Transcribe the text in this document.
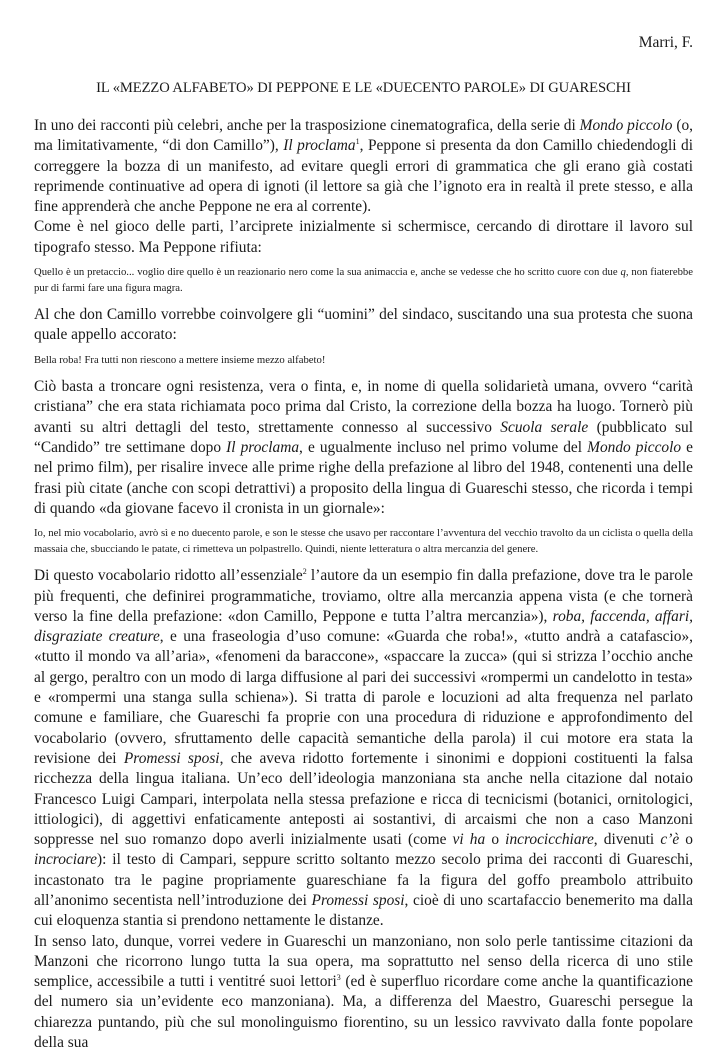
Marri, F.
IL «MEZZO ALFABETO» DI PEPPONE E LE «DUECENTO PAROLE» DI GUARESCHI

In uno dei racconti più celebri, anche per la trasposizione cinematografica, della serie di Mondo piccolo (o, ma limitativamente, “di don Camillo”), Il proclama$^1$, Peppone si presenta da don Camillo chiedendogli di correggere la bozza di un manifesto, ad evitare quegli errori di grammatica che gli erano già costati reprimende continuative ad opera di ignoti (il lettore sa già che l’ignoto era in realtà il prete stesso, e alla fine apprenderà che anche Peppone ne era al corrente).

Come è nel gioco delle parti, l’arciprete inizialmente si schermisce, cercando di dirottare il lavoro sul tipografo stesso. Ma Peppone rifiuta:

Quello è un pretaccio... voglio dire quello è un reazionario nero come la sua animaccia e, anche se vedesse che ho scritto cuore con due q, non fiaterebbe pur di farmi fare una figura magra.

Al che don Camillo vorrebbe coinvolgere gli “uomini” del sindaco, suscitando una sua protesta che suona quale appello accorato:

Bella roba! Fra tutti non riescono a mettere insieme mezzo alfabeto!

Ciò basta a troncare ogni resistenza, vera o finta, e, in nome di quella solidarietà umana, ovvero “carità cristiana” che era stata richiamata poco prima dal Cristo, la correzione della bozza ha luogo. Tornerò più avanti su altri dettagli del testo, strettamente connesso al successivo Scuola serale (pubblicato sul “Candido” tre settimane dopo Il proclama, e ugualmente incluso nel primo volume del Mondo piccolo e nel primo film), per risalire invece alle prime righe della prefazione al libro del 1948, contenenti una delle frasi più citate (anche con scopi detrattivi) a proposito della lingua di Guareschi stesso, che ricorda i tempi di quando «da giovane facevo il cronista in un giornale»:

Io, nel mio vocabolario, avrò sì e no duecento parole, e son le stesse che usavo per raccontare l’avventura del vecchio travolto da un ciclista o quella della massaia che, sbucciando le patate, ci rimetteva un polpastrello. Quindi, niente letteratura o altra mercanzia del genere.

Di questo vocabolario ridotto all’essenziale$^2$ l’autore da un esempio fin dalla prefazione, dove tra le parole più frequenti, che definirei programmatiche, troviamo, oltre alla mercanzia appena vista (e che tornerà verso la fine della prefazione: «don Camillo, Peppone e tutta l’altra mercanzia»), roba, faccenda, affari, disgraziate creature, e una fraseologia d’uso comune: «Guarda che roba!», «tutto andrà a catafascio», «tutto il mondo va all’aria», «fenomeni da baraccone», «spaccare la zucca» (qui si strizza l’occhio anche al gergo, peraltro con un modo di larga diffusione al pari dei successivi «rompermi un candelotto in testa» e «rompermi una stanga sulla schiena»). Si tratta di parole e locuzioni ad alta frequenza nel parlato comune e familiare, che Guareschi fa proprie con una procedura di riduzione e approfondimento del vocabolario (ovvero, sfruttamento delle capacità semantiche della parola) il cui motore era stata la revisione dei Promessi sposi, che aveva ridotto fortemente i sinonimi e doppioni costituenti la falsa ricchezza della lingua italiana. Un’eco dell’ideologia manzoniana sta anche nella citazione dal notaio Francesco Luigi Campari, interpolata nella stessa prefazione e ricca di tecnicismi (botanici, ornitologici, ittiologici), di aggettivi enfaticamente anteposti ai sostantivi, di arcaismi che non a caso Manzoni soppresse nel suo romanzo dopo averli inizialmente usati (come vi ha o incrocicchiare, divenuti c’è o incrociare): il testo di Campari, seppure scritto soltanto mezzo secolo prima dei racconti di Guareschi, incastonato tra le pagine propriamente guareschiane fa la figura del goffo preambolo attribuito all’anonimo secentista nell’introduzione dei Promessi sposi, cioè di uno scartafaccio benemerito ma dalla cui eloquenza stantia si prendono nettamente le distanze.

In senso lato, dunque, vorrei vedere in Guareschi un manzoniano, non solo perle tantissime citazioni da Manzoni che ricorrono lungo tutta la sua opera, ma soprattutto nel senso della ricerca di uno stile semplice, accessibile a tutti i ventitré suoi lettori$^3$ (ed è superfluo ricordare come anche la quantificazione del numero sia un’evidente eco manzoniana). Ma, a differenza del Maestro, Guareschi persegue la chiarezza puntando, più che sul monolinguismo fiorentino, su un lessico ravvivato dalla fonte popolare della sua
